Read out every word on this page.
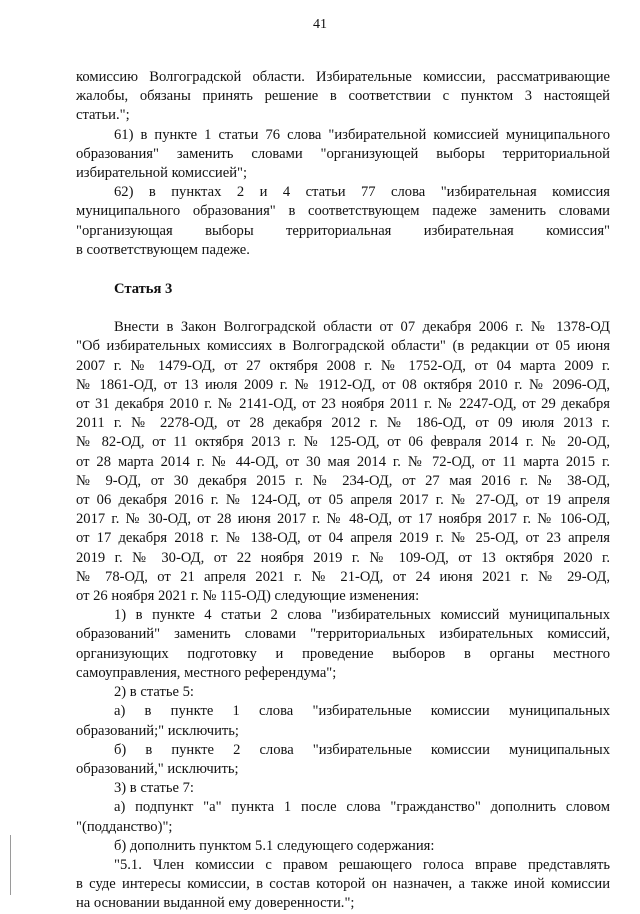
41
комиссию Волгоградской области. Избирательные комиссии, рассматривающие
жалобы, обязаны принять решение в соответствии с пунктом 3 настоящей
статьи.";
61) в пункте 1 статьи 76 слова "избирательной комиссией муниципального
образования" заменить словами "организующей выборы территориальной
избирательной комиссией";
62) в пунктах 2 и 4 статьи 77 слова "избирательная комиссия
муниципального образования" в соответствующем падеже заменить словами
"организующая выборы территориальная избирательная комиссия"
в соответствующем падеже.

Статья 3

Внести в Закон Волгоградской области от 07 декабря 2006 г. № 1378-ОД
"Об избирательных комиссиях в Волгоградской области" (в редакции от 05 июня
2007 г. № 1479-ОД, от 27 октября 2008 г. № 1752-ОД, от 04 марта 2009 г.
№ 1861-ОД, от 13 июля 2009 г. № 1912-ОД, от 08 октября 2010 г. № 2096-ОД,
от 31 декабря 2010 г. № 2141-ОД, от 23 ноября 2011 г. № 2247-ОД, от 29 декабря
2011 г. № 2278-ОД, от 28 декабря 2012 г. № 186-ОД, от 09 июля 2013 г.
№ 82-ОД, от 11 октября 2013 г. № 125-ОД, от 06 февраля 2014 г. № 20-ОД,
от 28 марта 2014 г. № 44-ОД, от 30 мая 2014 г. № 72-ОД, от 11 марта 2015 г.
№ 9-ОД, от 30 декабря 2015 г. № 234-ОД, от 27 мая 2016 г. № 38-ОД,
от 06 декабря 2016 г. № 124-ОД, от 05 апреля 2017 г. № 27-ОД, от 19 апреля
2017 г. № 30-ОД, от 28 июня 2017 г. № 48-ОД, от 17 ноября 2017 г. № 106-ОД,
от 17 декабря 2018 г. № 138-ОД, от 04 апреля 2019 г. № 25-ОД, от 23 апреля
2019 г. № 30-ОД, от 22 ноября 2019 г. № 109-ОД, от 13 октября 2020 г.
№ 78-ОД, от 21 апреля 2021 г. № 21-ОД, от 24 июня 2021 г. № 29-ОД,
от 26 ноября 2021 г. № 115-ОД) следующие изменения:
1) в пункте 4 статьи 2 слова "избирательных комиссий муниципальных
образований" заменить словами "территориальных избирательных комиссий,
организующих подготовку и проведение выборов в органы местного
самоуправления, местного референдума";
2) в статье 5:
а) в пункте 1 слова "избирательные комиссии муниципальных
образований;" исключить;
б) в пункте 2 слова "избирательные комиссии муниципальных
образований," исключить;
3) в статье 7:
а) подпункт "а" пункта 1 после слова "гражданство" дополнить словом
"(подданство)";
б) дополнить пунктом 5.1 следующего содержания:
"5.1. Член комиссии с правом решающего голоса вправе представлять
в суде интересы комиссии, в состав которой он назначен, а также иной комиссии
на основании выданной ему доверенности.";
